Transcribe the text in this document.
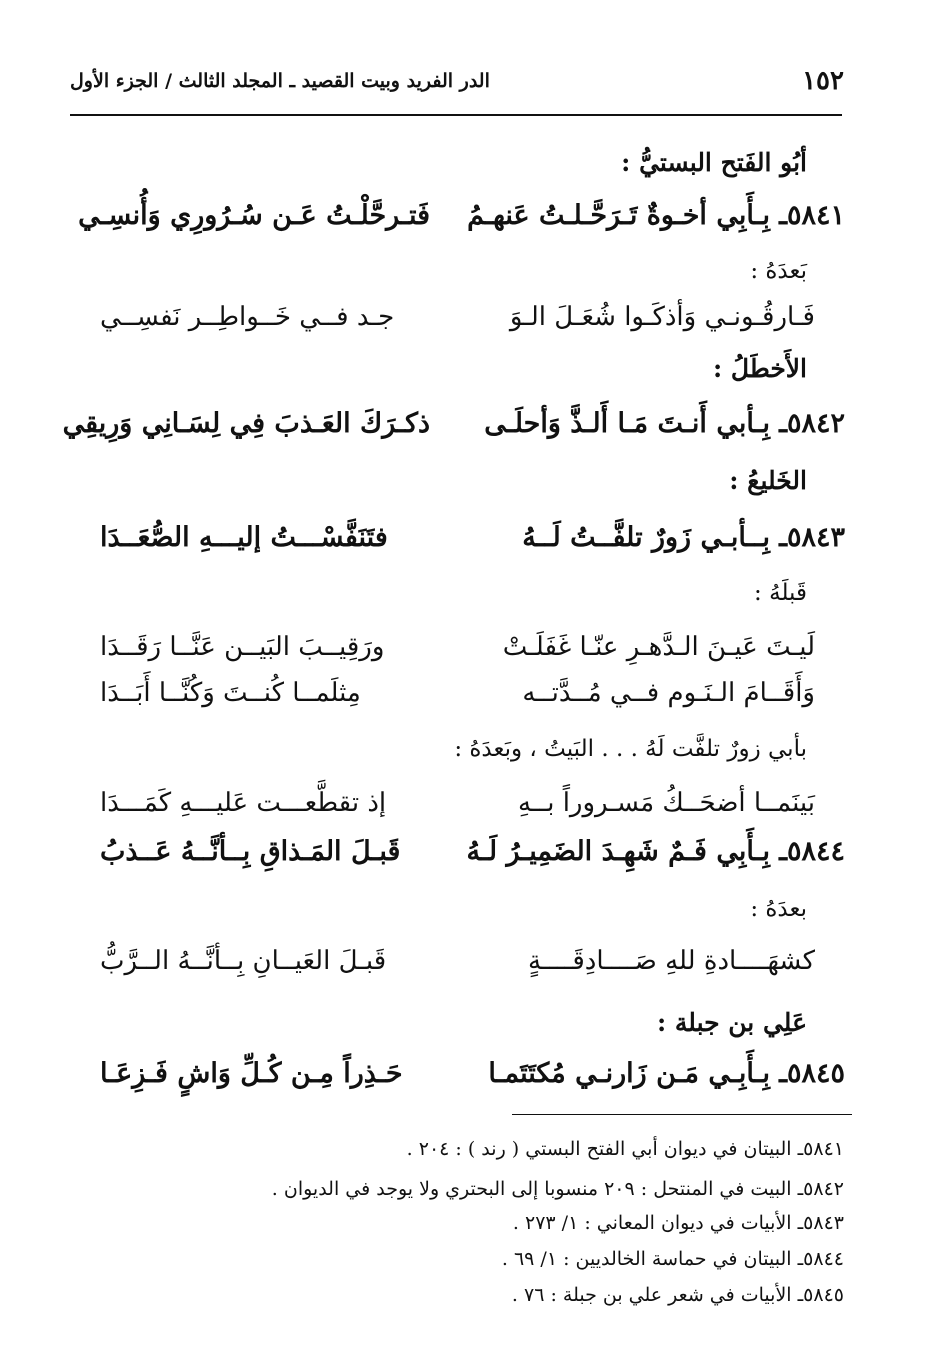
١٥٢
الدر الفريد وبيت القصيد ـ المجلد الثالث / الجزء الأول
أبُو الفَتح البستيُّ :
٥٨٤١ـ
بِـأَبِي أخـوةٌ تَـرَحَّـلـتُ عَنهـمُ
فَتـرحَّلْـتُ عَـن سُـرُورِي وَأُنسِـي
بَعدَهُ :
فَـارقُـونـي وَأذكَـوا شُعَـلَ الـوَ
جـد فــي خَــواطِــر نَفسِــي
الأَخطَلُ :
٥٨٤٢ـ
بِـأبي أَنـتَ مَـا أَلـذَّ وَأحلَـى
ذكـرَكَ العَـذبَ فِي لِسَـانِي وَرِيقِي
الخَليعُ :
٥٨٤٣ـ
بِــأبـي زَورٌ تلفَّــتُ لَــهُ
فتَنَفَّسْـــتُ إليـــهِ الصُّعَــدَا
قَبلَهُ :
لَيـتَ عَيـنَ الـدَّهـرِ عنّـا غَفَلَـتْ
ورَقِيــبَ البَيــن عَنَّــا رَقَــدَا
وَأَقَــامَ الـنَـوم فــي مُــدَّتــه
مِثلَمــا كُنــتَ وَكُنَّــا أَبَــدَا
بأبي زورٌ تلفَّت لَهُ . . . البَيتُ ، وبَعدَهُ :
بَينَمــا أضحَــكُ مَسـروراً بــهِ
إذ تقطَّعـــت عَليـــهِ كَمَـــدَا
٥٨٤٤ـ
بِـأَبِي فَـمٌ شَهِـدَ الضَمِيـرُ لَـهُ
قَبـلَ المَـذاقِ بِــأنَّــهُ عَــذبُ
بعدَهُ :
كشهَــــادةِ للهِ صَــــادِقَــــةٍ
قَبـلَ العَيــانِ بِــأنَّــهُ الــرَّبُّ
عَلِي بن جبلة :
٥٨٤٥ـ
بِـأَبِـي مَـن زَارنـي مُكتَتَمـا
حَـذِراً مِـن كُـلِّ وَاشٍ فَـزِعَـا
٥٨٤١ـ البيتان في ديوان أبي الفتح البستي ( رند ) : ٢٠٤ .
٥٨٤٢ـ البيت في المنتحل : ٢٠٩ منسوبا إلى البحتري ولا يوجد في الديوان .
٥٨٤٣ـ الأبيات في ديوان المعاني : ١/ ٢٧٣ .
٥٨٤٤ـ البيتان في حماسة الخالديين : ١/ ٦٩ .
٥٨٤٥ـ الأبيات في شعر علي بن جبلة : ٧٦ .
